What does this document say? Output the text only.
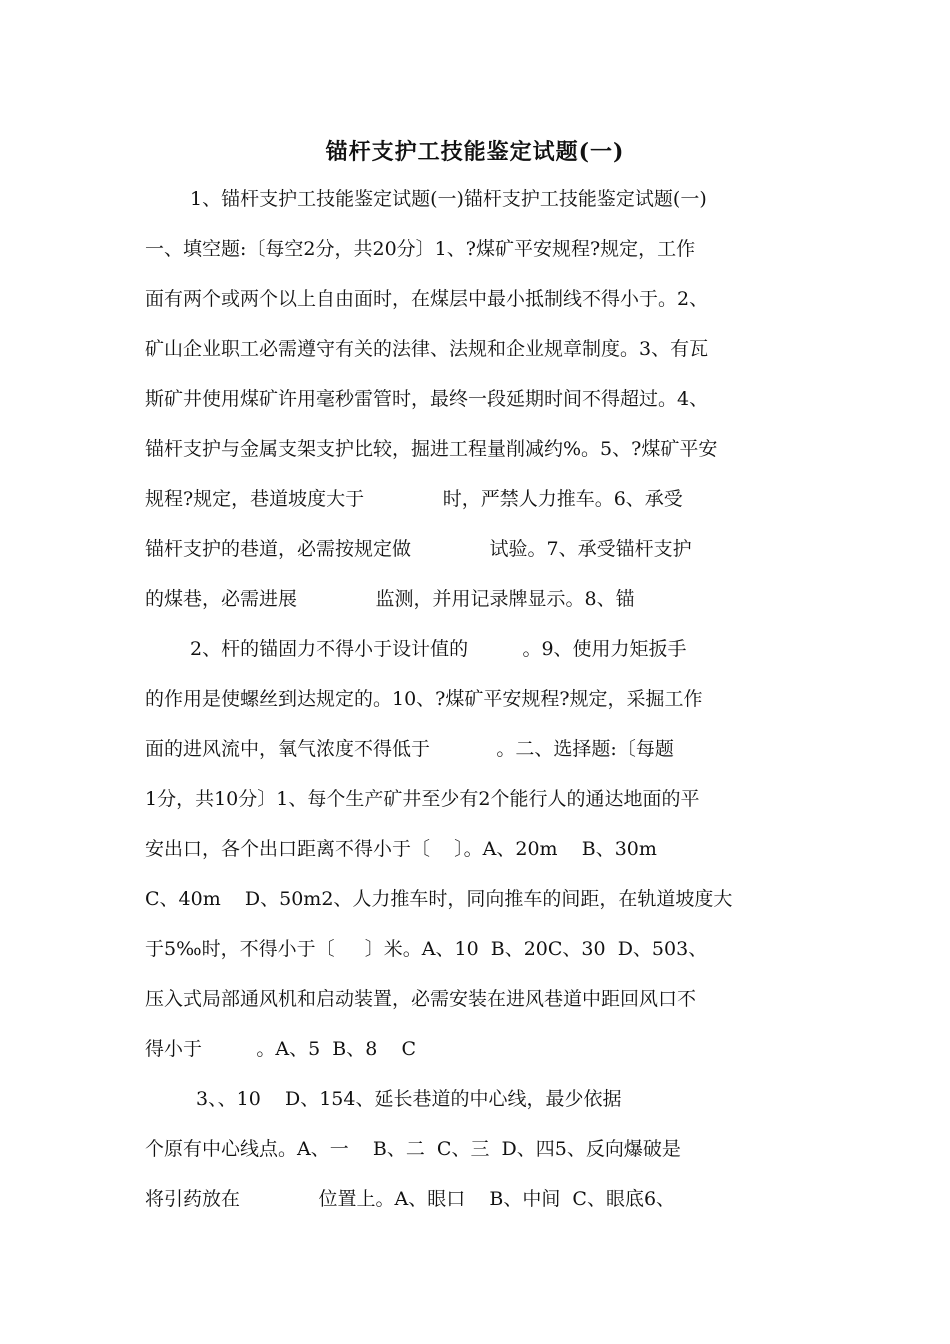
锚杆支护工技能鉴定试题(一)
1、锚杆支护工技能鉴定试题(一)锚杆支护工技能鉴定试题(一)
一、填空题:〔每空2分，共20分〕1、?煤矿平安规程?规定，工作
面有两个或两个以上自由面时，在煤层中最小抵制线不得小于。2、
矿山企业职工必需遵守有关的法律、法规和企业规章制度。3、有瓦
斯矿井使用煤矿许用毫秒雷管时，最终一段延期时间不得超过。4、
锚杆支护与金属支架支护比较，掘进工程量削减约%。5、?煤矿平安
规程?规定，巷道坡度大于             时，严禁人力推车。6、承受
锚杆支护的巷道，必需按规定做             试验。7、承受锚杆支护
的煤巷，必需进展             监测，并用记录牌显示。8、锚
2、杆的锚固力不得小于设计值的         。9、使用力矩扳手
的作用是使螺丝到达规定的。10、?煤矿平安规程?规定，采掘工作
面的进风流中，氧气浓度不得低于           。二、选择题:〔每题
1分，共10分〕1、每个生产矿井至少有2个能行人的通达地面的平
安出口，各个出口距离不得小于〔    〕。A、20m    B、30m
C、40m    D、50m2、人力推车时，同向推车的间距，在轨道坡度大
于5‰时，不得小于〔     〕米。A、10  B、20C、30  D、503、
压入式局部通风机和启动装置，必需安装在进风巷道中距回风口不
得小于         。A、5  B、8    C
3、、10    D、154、延长巷道的中心线，最少依据
个原有中心线点。A、一    B、二  C、三  D、四5、反向爆破是
将引药放在             位置上。A、眼口    B、中间  C、眼底6、
